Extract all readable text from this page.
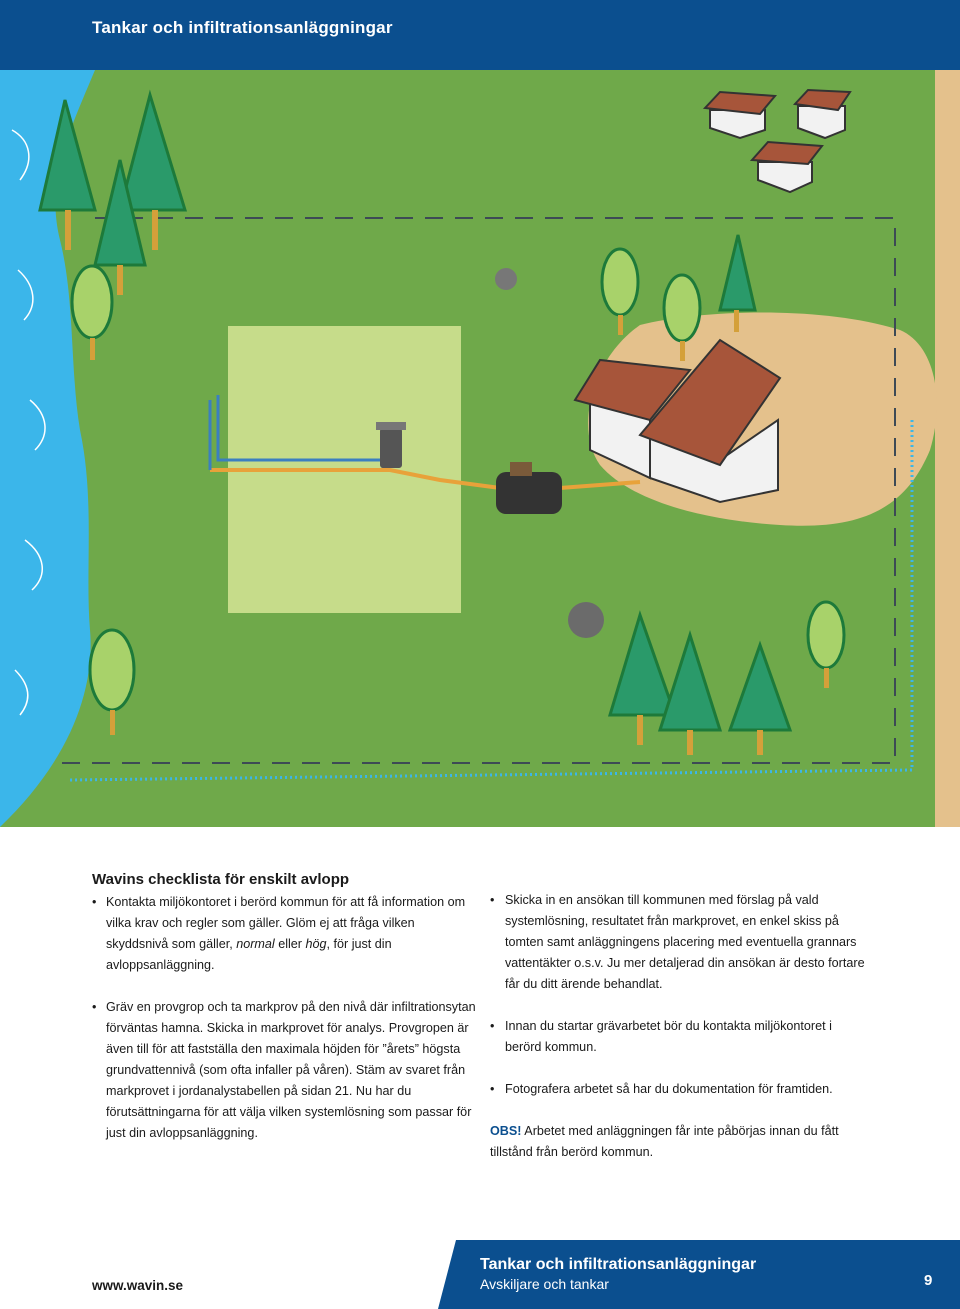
Tankar och infiltrationsanläggningar
Wavins checklista för enskilt avlopp
• Kontakta miljökontoret i berörd kommun för att få information om vilka krav och regler som gäller. Glöm ej att fråga vilken skyddsnivå som gäller, normal eller hög, för just din avloppsanläggning.
• Gräv en provgrop och ta markprov på den nivå där infiltrationsytan förväntas hamna. Skicka in markprovet för analys. Provgropen är även till för att fastställa den maximala höjden för ”årets” högsta grundvattennivå (som ofta infaller på våren). Stäm av svaret från markprovet i jordanalystabellen på sidan 21. Nu har du förutsättningarna för att välja vilken systemlösning som passar för just din avloppsanläggning.
• Skicka in en ansökan till kommunen med förslag på vald systemlösning, resultatet från markprovet, en enkel skiss på tomten samt anläggningens placering med eventuella grannars vattentäkter o.s.v. Ju mer detaljerad din ansökan är desto fortare får du ditt ärende behandlat.
• Innan du startar grävarbetet bör du kontakta miljökontoret i berörd kommun.
• Fotografera arbetet så har du dokumentation för framtiden.
OBS! Arbetet med anläggningen får inte påbörjas innan du fått tillstånd från berörd kommun.
www.wavin.se
Tankar och infiltrationsanläggningar
Avskiljare och tankar	9
